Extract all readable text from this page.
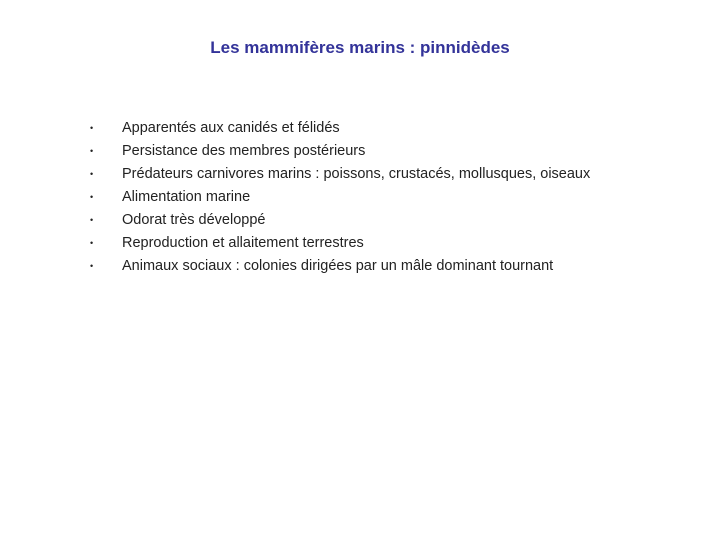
Les mammifères marins : pinnidèdes
•	Apparentés aux canidés et félidés
•	Persistance des membres postérieurs
•	Prédateurs carnivores marins : poissons, crustacés, mollusques, oiseaux
•	Alimentation marine
•	Odorat très développé
•	Reproduction et allaitement terrestres
•	Animaux sociaux : colonies dirigées par un mâle dominant tournant
